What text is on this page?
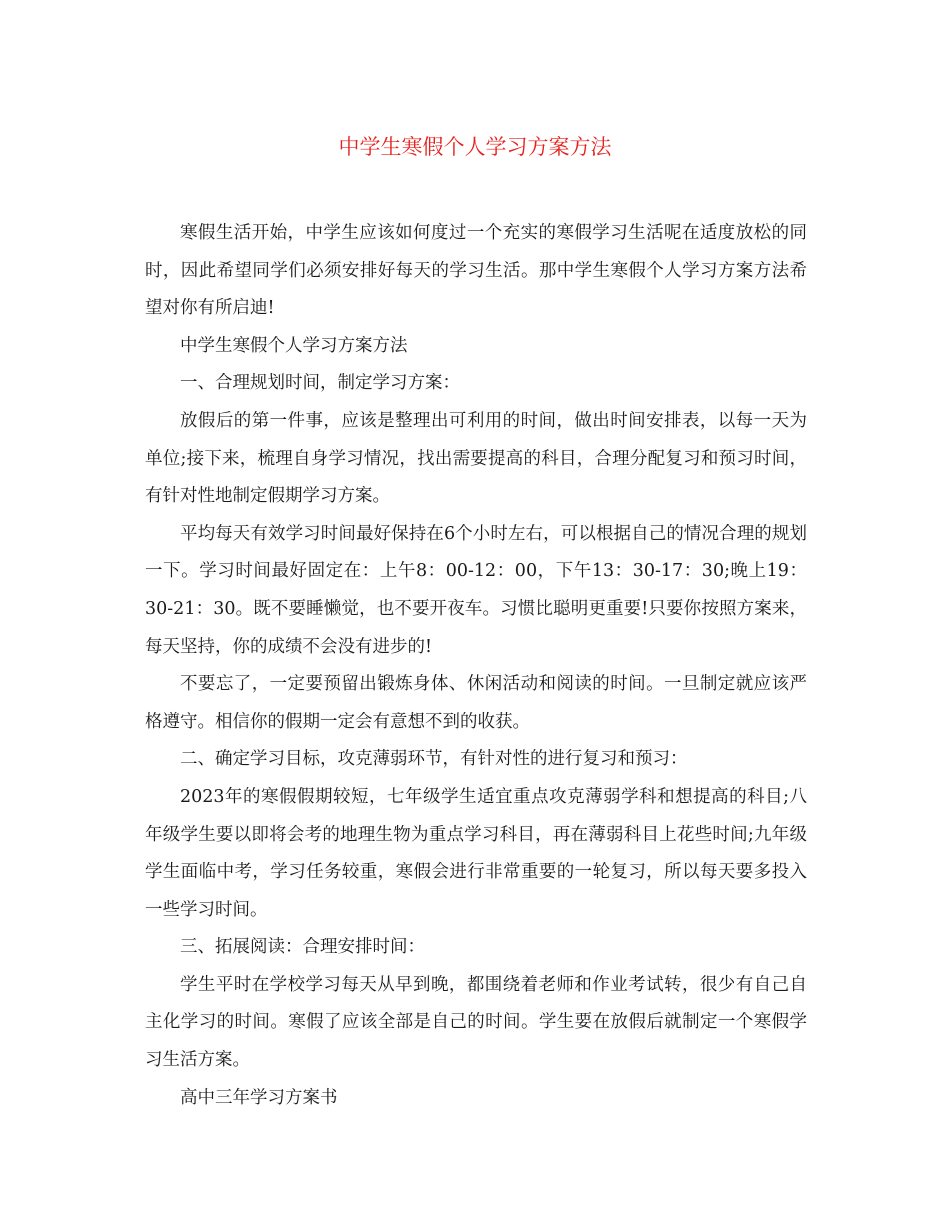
中学生寒假个人学习方案方法

寒假生活开始，中学生应该如何度过一个充实的寒假学习生活呢在适度放松的同时，因此希望同学们必须安排好每天的学习生活。那中学生寒假个人学习方案方法希望对你有所启迪!

中学生寒假个人学习方案方法

一、合理规划时间，制定学习方案：

放假后的第一件事，应该是整理出可利用的时间，做出时间安排表，以每一天为单位;接下来，梳理自身学习情况，找出需要提高的科目，合理分配复习和预习时间，有针对性地制定假期学习方案。

平均每天有效学习时间最好保持在6个小时左右，可以根据自己的情况合理的规划一下。学习时间最好固定在：上午8：00-12：00，下午13：30-17：30;晚上19：30-21：30。既不要睡懒觉，也不要开夜车。习惯比聪明更重要!只要你按照方案来，每天坚持，你的成绩不会没有进步的!

不要忘了，一定要预留出锻炼身体、休闲活动和阅读的时间。一旦制定就应该严格遵守。相信你的假期一定会有意想不到的收获。

二、确定学习目标，攻克薄弱环节，有针对性的进行复习和预习：

2023年的寒假假期较短，七年级学生适宜重点攻克薄弱学科和想提高的科目;八年级学生要以即将会考的地理生物为重点学习科目，再在薄弱科目上花些时间;九年级学生面临中考，学习任务较重，寒假会进行非常重要的一轮复习，所以每天要多投入一些学习时间。

三、拓展阅读：合理安排时间：

学生平时在学校学习每天从早到晚，都围绕着老师和作业考试转，很少有自己自主化学习的时间。寒假了应该全部是自己的时间。学生要在放假后就制定一个寒假学习生活方案。

高中三年学习方案书
